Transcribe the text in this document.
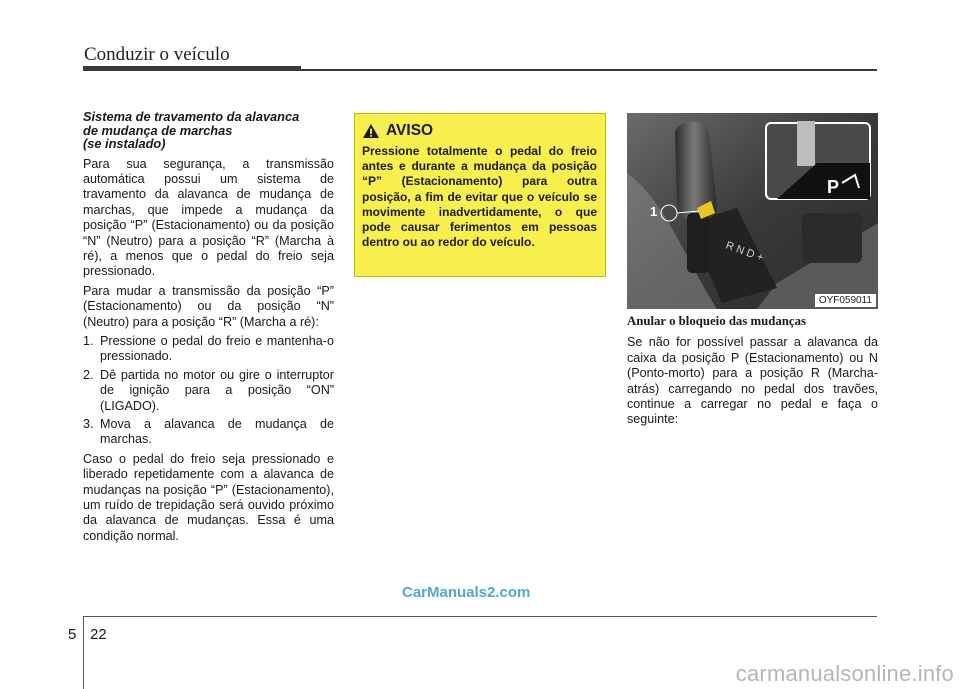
Conduzir o veículo
Sistema de travamento da alavanca
de mudança de marchas
(se instalado)

Para sua segurança, a transmissão automática possui um sistema de travamento da alavanca de mudança de marchas, que impede a mudança da posição “P” (Estacionamento) ou da posição “N” (Neutro) para a posição “R” (Marcha à ré), a menos que o pedal do freio seja pressionado.

Para mudar a transmissão da posição “P” (Estacionamento) ou da posição “N” (Neutro) para a posição “R” (Marcha a ré):

1. Pressione o pedal do freio e mantenha-o pressionado.
2. Dê partida no motor ou gire o interruptor de ignição para a posição “ON” (LIGADO).
3. Mova a alavanca de mudança de marchas.

Caso o pedal do freio seja pressionado e liberado repetidamente com a alavanca de mudanças na posição “P” (Estacionamento), um ruído de trepidação será ouvido próximo da alavanca de mudanças. Essa é uma condição normal.

AVISO
Pressione totalmente o pedal do freio antes e durante a mudança da posição “P” (Estacionamento) para outra posição, a fim de evitar que o veículo se movimente inadvertidamente, o que pode causar ferimentos em pessoas dentro ou ao redor do veículo.	R N D +
P
OYF059011
1
Anular o bloqueio das mudanças

Se não for possível passar a alavanca da caixa da posição P (Estacionamento) ou N (Ponto-morto) para a posição R (Marcha-atrás) carregando no pedal dos travões, continue a carregar no pedal e faça o seguinte:

CarManuals2.com
5 22
carmanualsonline.info
